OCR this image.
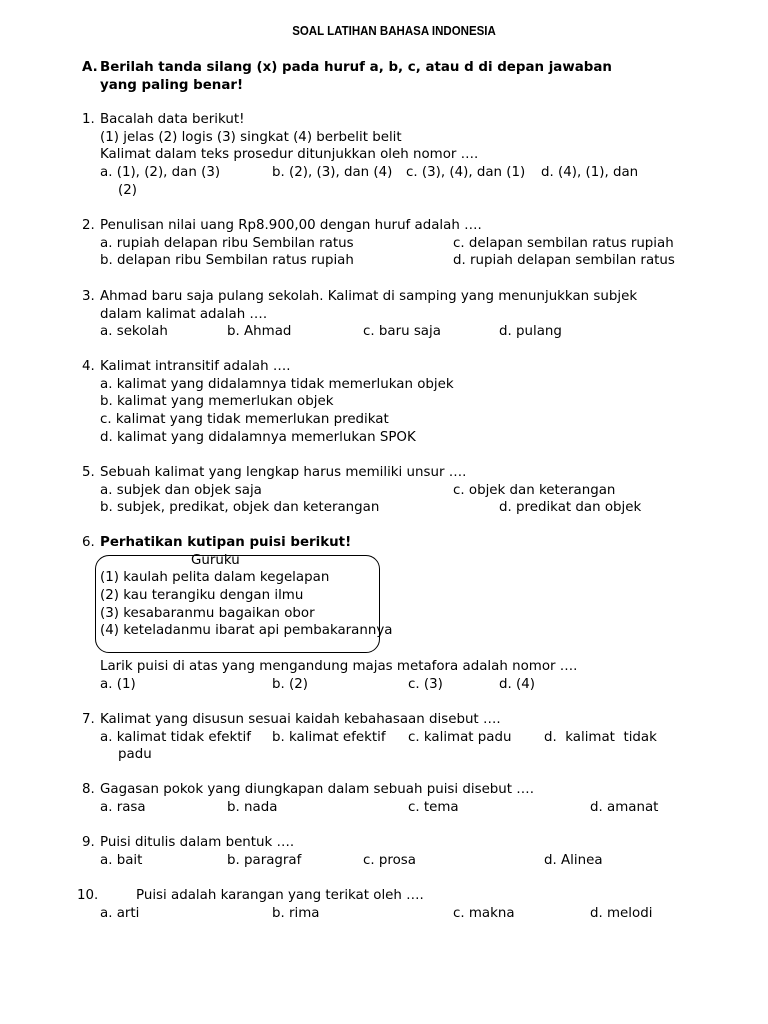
SOAL LATIHAN BAHASA INDONESIA
A. Berilah tanda silang (x) pada huruf a, b, c, atau d di depan jawaban
yang paling benar!
1. Bacalah data berikut!
(1) jelas (2) logis (3) singkat (4) berbelit belit
Kalimat dalam teks prosedur ditunjukkan oleh nomor ….
a. (1), (2), dan (3)	b. (2), (3), dan (4) c. (3), (4), dan (1) d. (4), (1), dan
(2)
2. Penulisan nilai uang Rp8.900,00 dengan huruf adalah ….
a. rupiah delapan ribu Sembilan ratus	c. delapan sembilan ratus rupiah
b. delapan ribu Sembilan ratus rupiah	d. rupiah delapan sembilan ratus
3. Ahmad baru saja pulang sekolah. Kalimat di samping yang menunjukkan subjek
dalam kalimat adalah ….
a. sekolah	b. Ahmad	c. baru saja	d. pulang
4. Kalimat intransitif adalah ….
a. kalimat yang didalamnya tidak memerlukan objek
b. kalimat yang memerlukan objek
c. kalimat yang tidak memerlukan predikat
d. kalimat yang didalamnya memerlukan SPOK
5. Sebuah kalimat yang lengkap harus memiliki unsur ….
a. subjek dan objek saja	c. objek dan keterangan
b. subjek, predikat, objek dan keterangan	d. predikat dan objek
6. Perhatikan kutipan puisi berikut!
Guruku
(1) kaulah pelita dalam kegelapan
(2) kau terangiku dengan ilmu
(3) kesabaranmu bagaikan obor
(4) keteladanmu ibarat api pembakarannya
Larik puisi di atas yang mengandung majas metafora adalah nomor ….
a. (1)	b. (2)	c. (3)	d. (4)
7. Kalimat yang disusun sesuai kaidah kebahasaan disebut ….
a. kalimat tidak efektif b. kalimat efektif c. kalimat padu d.  kalimat  tidak
padu
8. Gagasan pokok yang diungkapan dalam sebuah puisi disebut ….
a. rasa	b. nada	c. tema	d. amanat
9. Puisi ditulis dalam bentuk ….
a. bait	b. paragraf	c. prosa	d. Alinea
10.	Puisi adalah karangan yang terikat oleh ….
a. arti	b. rima	c. makna	d. melodi
